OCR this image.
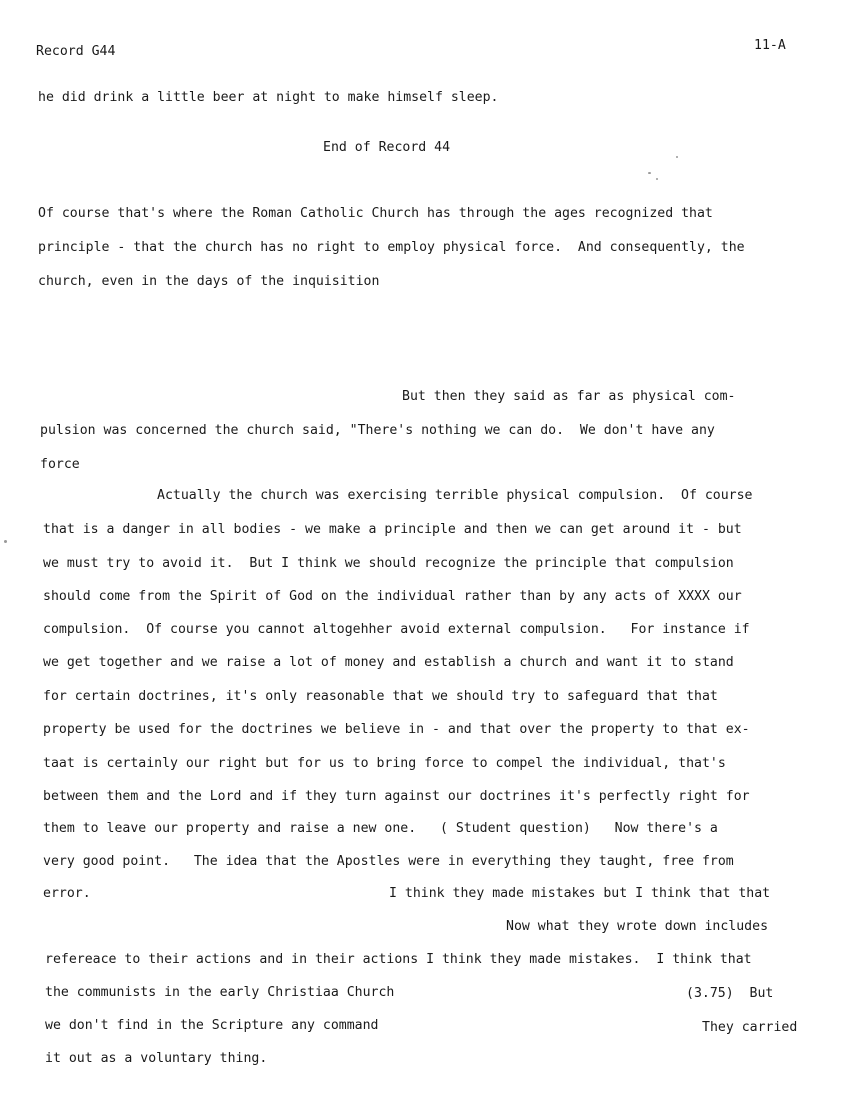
Record G44	11-A
he did drink a little beer at night to make himself sleep.
End of Record 44
Of course that's where the Roman Catholic Church has through the ages recognized that
principle - that the church has no right to employ physical force.  And consequently, the
church, even in the days of the inquisition
But then they said as far as physical com-
pulsion was concerned the church said, "There's nothing we can do.  We don't have any
force
Actually the church was exercising terrible physical compulsion.  Of course
that is a danger in all bodies - we make a principle and then we can get around it - but
we must try to avoid it.  But I think we should recognize the principle that compulsion
should come from the Spirit of God on the individual rather than by any acts of XXXX our
compulsion.  Of course you cannot altogehher avoid external compulsion.   For instance if
we get together and we raise a lot of money and establish a church and want it to stand
for certain doctrines, it's only reasonable that we should try to safeguard that that
property be used for the doctrines we believe in - and that over the property to that ex-
taat is certainly our right but for us to bring force to compel the individual, that's
between them and the Lord and if they turn against our doctrines it's perfectly right for
them to leave our property and raise a new one.   ( Student question)   Now there's a
very good point.   The idea that the Apostles were in everything they taught, free from
error.	I think they made mistakes but I think that that
Now what they wrote down includes
refereace to their actions and in their actions I think they made mistakes.  I think that
the communists in the early Christiaa Church	(3.75)  But
we don't find in the Scripture any command	They carried
it out as a voluntary thing.
